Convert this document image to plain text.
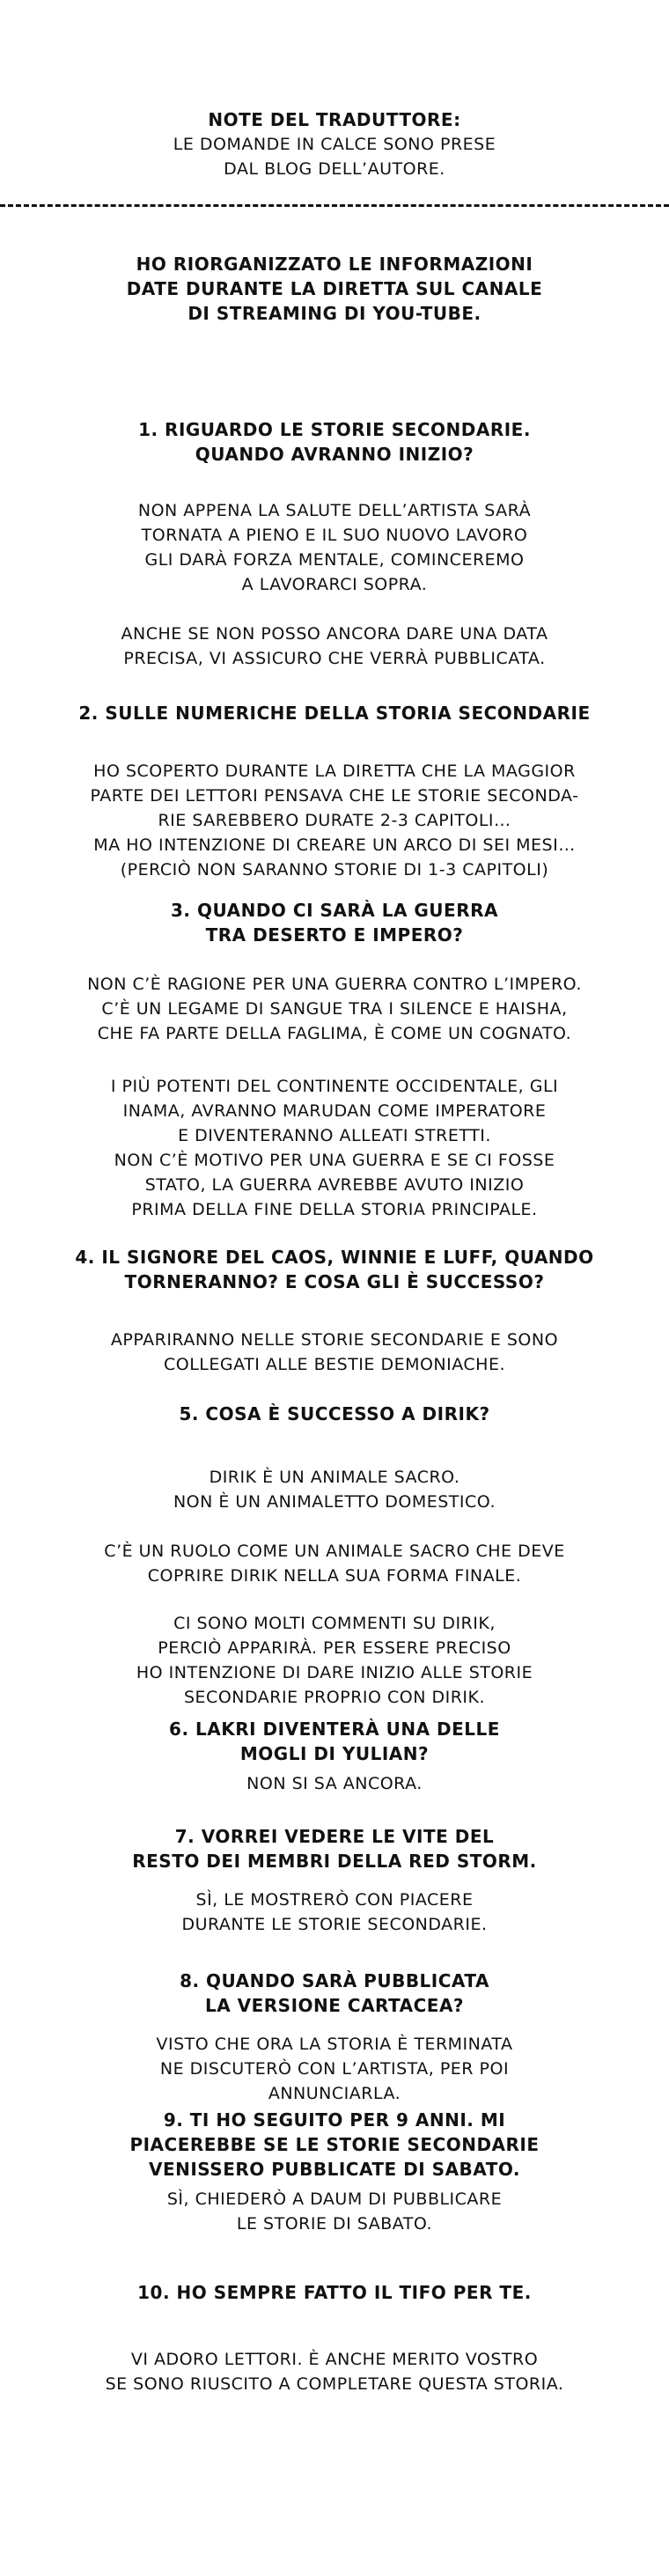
NOTE DEL TRADUTTORE:
LE DOMANDE IN CALCE SONO PRESE
DAL BLOG DELL’AUTORE.
HO RIORGANIZZATO LE INFORMAZIONI
DATE DURANTE LA DIRETTA SUL CANALE
DI STREAMING DI YOU-TUBE.
1. RIGUARDO LE STORIE SECONDARIE.
QUANDO AVRANNO INIZIO?
NON APPENA LA SALUTE DELL’ARTISTA SARÀ
TORNATA A PIENO E IL SUO NUOVO LAVORO
GLI DARÀ FORZA MENTALE, COMINCEREMO
A LAVORARCI SOPRA.
ANCHE SE NON POSSO ANCORA DARE UNA DATA
PRECISA, VI ASSICURO CHE VERRÀ PUBBLICATA.
2. SULLE NUMERICHE DELLA STORIA SECONDARIE
HO SCOPERTO DURANTE LA DIRETTA CHE LA MAGGIOR
PARTE DEI LETTORI PENSAVA CHE LE STORIE SECONDA-
RIE SAREBBERO DURATE 2-3 CAPITOLI…
MA HO INTENZIONE DI CREARE UN ARCO DI SEI MESI…
(PERCIÒ NON SARANNO STORIE DI 1-3 CAPITOLI)
3. QUANDO CI SARÀ LA GUERRA
TRA DESERTO E IMPERO?
NON C’È RAGIONE PER UNA GUERRA CONTRO L’IMPERO.
C’È UN LEGAME DI SANGUE TRA I SILENCE E HAISHA,
CHE FA PARTE DELLA FAGLIMA, È COME UN COGNATO.
I PIÙ POTENTI DEL CONTINENTE OCCIDENTALE, GLI
INAMA, AVRANNO MARUDAN COME IMPERATORE
E DIVENTERANNO ALLEATI STRETTI.
NON C’È MOTIVO PER UNA GUERRA E SE CI FOSSE
STATO, LA GUERRA AVREBBE AVUTO INIZIO
PRIMA DELLA FINE DELLA STORIA PRINCIPALE.
4. IL SIGNORE DEL CAOS, WINNIE E LUFF, QUANDO
TORNERANNO? E COSA GLI È SUCCESSO?
APPARIRANNO NELLE STORIE SECONDARIE E SONO
COLLEGATI ALLE BESTIE DEMONIACHE.
5. COSA È SUCCESSO A DIRIK?
DIRIK È UN ANIMALE SACRO.
NON È UN ANIMALETTO DOMESTICO.
C’È UN RUOLO COME UN ANIMALE SACRO CHE DEVE
COPRIRE DIRIK NELLA SUA FORMA FINALE.
CI SONO MOLTI COMMENTI SU DIRIK,
PERCIÒ APPARIRÀ. PER ESSERE PRECISO
HO INTENZIONE DI DARE INIZIO ALLE STORIE
SECONDARIE PROPRIO CON DIRIK.
6. LAKRI DIVENTERÀ UNA DELLE
MOGLI DI YULIAN?
NON SI SA ANCORA.
7. VORREI VEDERE LE VITE DEL
RESTO DEI MEMBRI DELLA RED STORM.
SÌ, LE MOSTRERÒ CON PIACERE
DURANTE LE STORIE SECONDARIE.
8. QUANDO SARÀ PUBBLICATA
LA VERSIONE CARTACEA?
VISTO CHE ORA LA STORIA È TERMINATA
NE DISCUTERÒ CON L’ARTISTA, PER POI
ANNUNCIARLA.
9. TI HO SEGUITO PER 9 ANNI. MI
PIACEREBBE SE LE STORIE SECONDARIE
VENISSERO PUBBLICATE DI SABATO.
SÌ, CHIEDERÒ A DAUM DI PUBBLICARE
LE STORIE DI SABATO.
10. HO SEMPRE FATTO IL TIFO PER TE.
VI ADORO LETTORI. È ANCHE MERITO VOSTRO
SE SONO RIUSCITO A COMPLETARE QUESTA STORIA.
